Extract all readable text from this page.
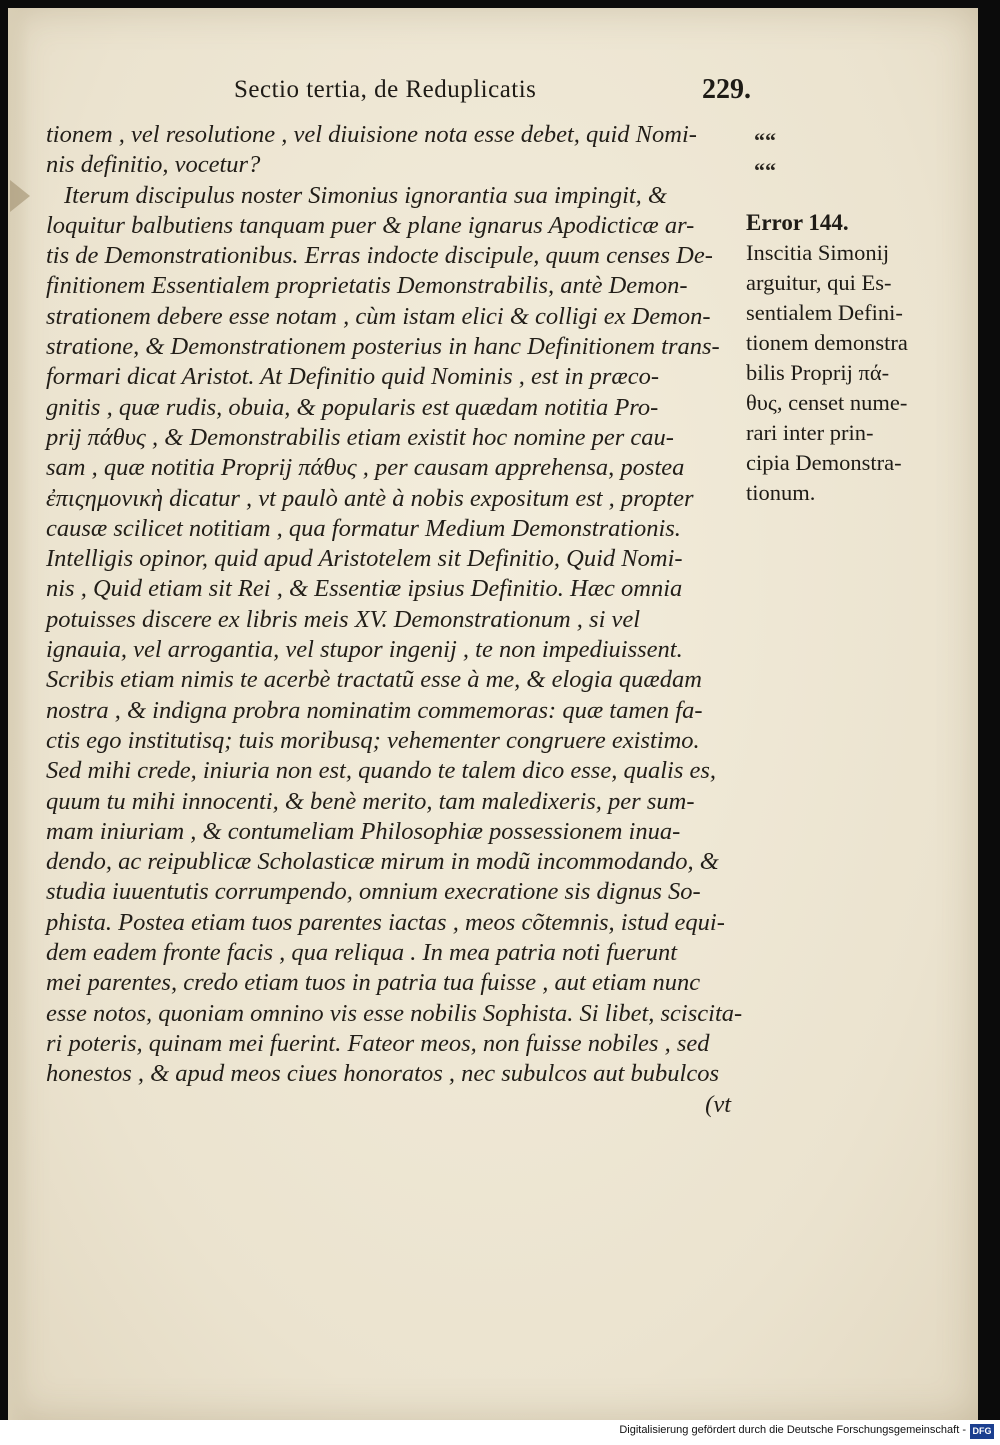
Sectio tertia, de Reduplicatis	229.
““
““
tionem , vel resolutione , vel diuisione nota esse debet, quid Nomi-
nis definitio, vocetur?
Iterum discipulus noster Simonius ignorantia sua impingit, &
loquitur balbutiens tanquam puer & plane ignarus Apodicticæ ar-
tis de Demonstrationibus. Erras indocte discipule, quum censes De-
finitionem Essentialem proprietatis Demonstrabilis, antè Demon-
strationem debere esse notam , cùm istam elici & colligi ex Demon-
stratione, & Demonstrationem posterius in hanc Definitionem trans-
formari dicat Aristot. At Definitio quid Nominis , est in præco-
gnitis , quæ rudis, obuia, & popularis est quædam notitia Pro-
prij πάθυς , & Demonstrabilis etiam existit hoc nomine per cau-
sam , quæ notitia Proprij πάθυς , per causam apprehensa, postea
ἐπιςημονικὴ dicatur , vt paulò antè à nobis expositum est , propter
causæ scilicet notitiam , qua formatur Medium Demonstrationis.
Intelligis opinor, quid apud Aristotelem sit Definitio, Quid Nomi-
nis , Quid etiam sit Rei , & Essentiæ ipsius Definitio. Hæc omnia
potuisses discere ex libris meis XV. Demonstrationum , si vel
ignauia, vel arrogantia, vel stupor ingenij , te non impediuissent.
Scribis etiam nimis te acerbè tractatũ esse à me, & elogia quædam
nostra , & indigna probra nominatim commemoras: quæ tamen fa-
ctis ego institutisq; tuis moribusq; vehementer congruere existimo.
Sed mihi crede, iniuria non est, quando te talem dico esse, qualis es,
quum tu mihi innocenti, & benè merito, tam maledixeris, per sum-
mam iniuriam , & contumeliam Philosophiæ possessionem inua-
dendo, ac reipublicæ Scholasticæ mirum in modũ incommodando, &
studia iuuentutis corrumpendo, omnium execratione sis dignus So-
phista. Postea etiam tuos parentes iactas , meos cõtemnis, istud equi-
dem eadem fronte facis , qua reliqua . In mea patria noti fuerunt
mei parentes, credo etiam tuos in patria tua fuisse , aut etiam nunc
esse notos, quoniam omnino vis esse nobilis Sophista. Si libet, sciscita-
ri poteris, quinam mei fuerint. Fateor meos, non fuisse nobiles , sed
honestos , & apud meos ciues honoratos , nec subulcos aut bubulcos
(vt
Error 144.
Inscitia Simonij
arguitur, qui Es-
sentialem Defini-
tionem demonstra
bilis Proprij πά-
θυς, censet nume-
rari inter prin-
cipia Demonstra-
tionum.
Digitalisierung gefördert durch die Deutsche Forschungsgemeinschaft - DFG
